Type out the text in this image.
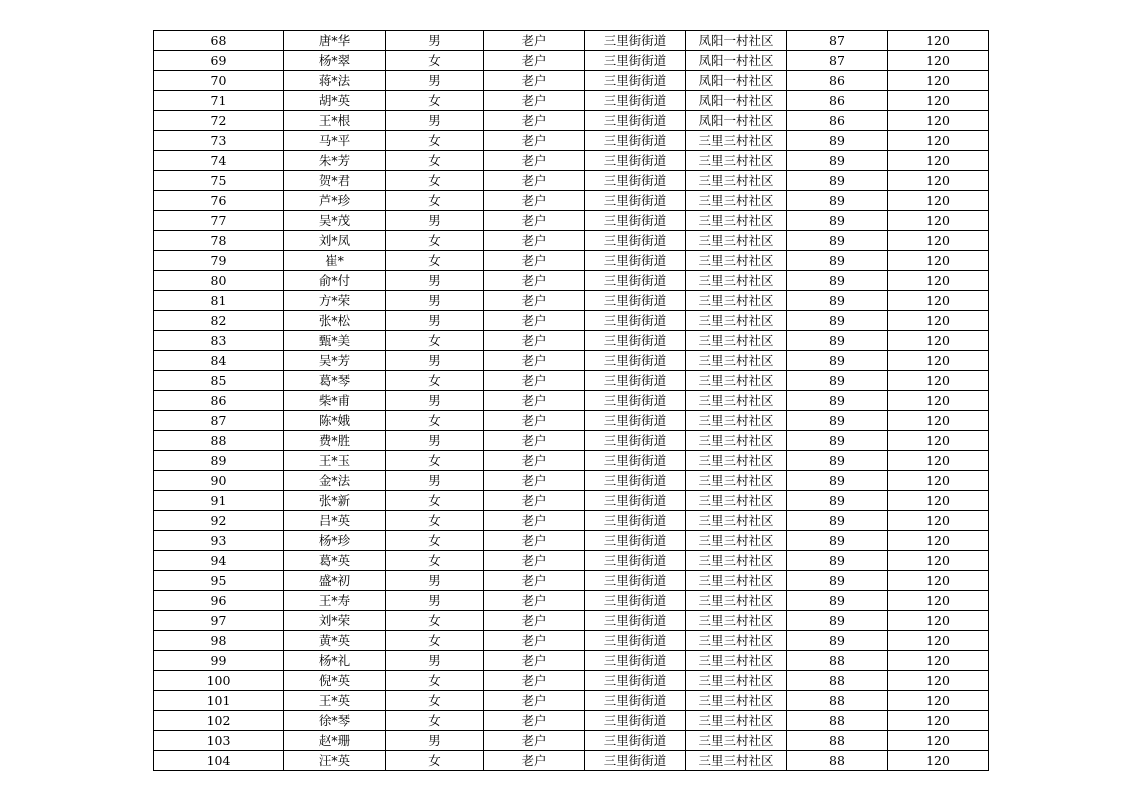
68	唐*华	男	老户	三里街街道	凤阳一村社区	87	120
69	杨*翠	女	老户	三里街街道	凤阳一村社区	87	120
70	蒋*法	男	老户	三里街街道	凤阳一村社区	86	120
71	胡*英	女	老户	三里街街道	凤阳一村社区	86	120
72	王*根	男	老户	三里街街道	凤阳一村社区	86	120
73	马*平	女	老户	三里街街道	三里三村社区	89	120
74	朱*芳	女	老户	三里街街道	三里三村社区	89	120
75	贺*君	女	老户	三里街街道	三里三村社区	89	120
76	芦*珍	女	老户	三里街街道	三里三村社区	89	120
77	吴*茂	男	老户	三里街街道	三里三村社区	89	120
78	刘*凤	女	老户	三里街街道	三里三村社区	89	120
79	崔*	女	老户	三里街街道	三里三村社区	89	120
80	俞*付	男	老户	三里街街道	三里三村社区	89	120
81	方*荣	男	老户	三里街街道	三里三村社区	89	120
82	张*松	男	老户	三里街街道	三里三村社区	89	120
83	甄*美	女	老户	三里街街道	三里三村社区	89	120
84	吴*芳	男	老户	三里街街道	三里三村社区	89	120
85	葛*琴	女	老户	三里街街道	三里三村社区	89	120
86	柴*甫	男	老户	三里街街道	三里三村社区	89	120
87	陈*娥	女	老户	三里街街道	三里三村社区	89	120
88	费*胜	男	老户	三里街街道	三里三村社区	89	120
89	王*玉	女	老户	三里街街道	三里三村社区	89	120
90	金*法	男	老户	三里街街道	三里三村社区	89	120
91	张*新	女	老户	三里街街道	三里三村社区	89	120
92	吕*英	女	老户	三里街街道	三里三村社区	89	120
93	杨*珍	女	老户	三里街街道	三里三村社区	89	120
94	葛*英	女	老户	三里街街道	三里三村社区	89	120
95	盛*初	男	老户	三里街街道	三里三村社区	89	120
96	王*寿	男	老户	三里街街道	三里三村社区	89	120
97	刘*荣	女	老户	三里街街道	三里三村社区	89	120
98	黄*英	女	老户	三里街街道	三里三村社区	89	120
99	杨*礼	男	老户	三里街街道	三里三村社区	88	120
100	倪*英	女	老户	三里街街道	三里三村社区	88	120
101	王*英	女	老户	三里街街道	三里三村社区	88	120
102	徐*琴	女	老户	三里街街道	三里三村社区	88	120
103	赵*珊	男	老户	三里街街道	三里三村社区	88	120
104	汪*英	女	老户	三里街街道	三里三村社区	88	120
